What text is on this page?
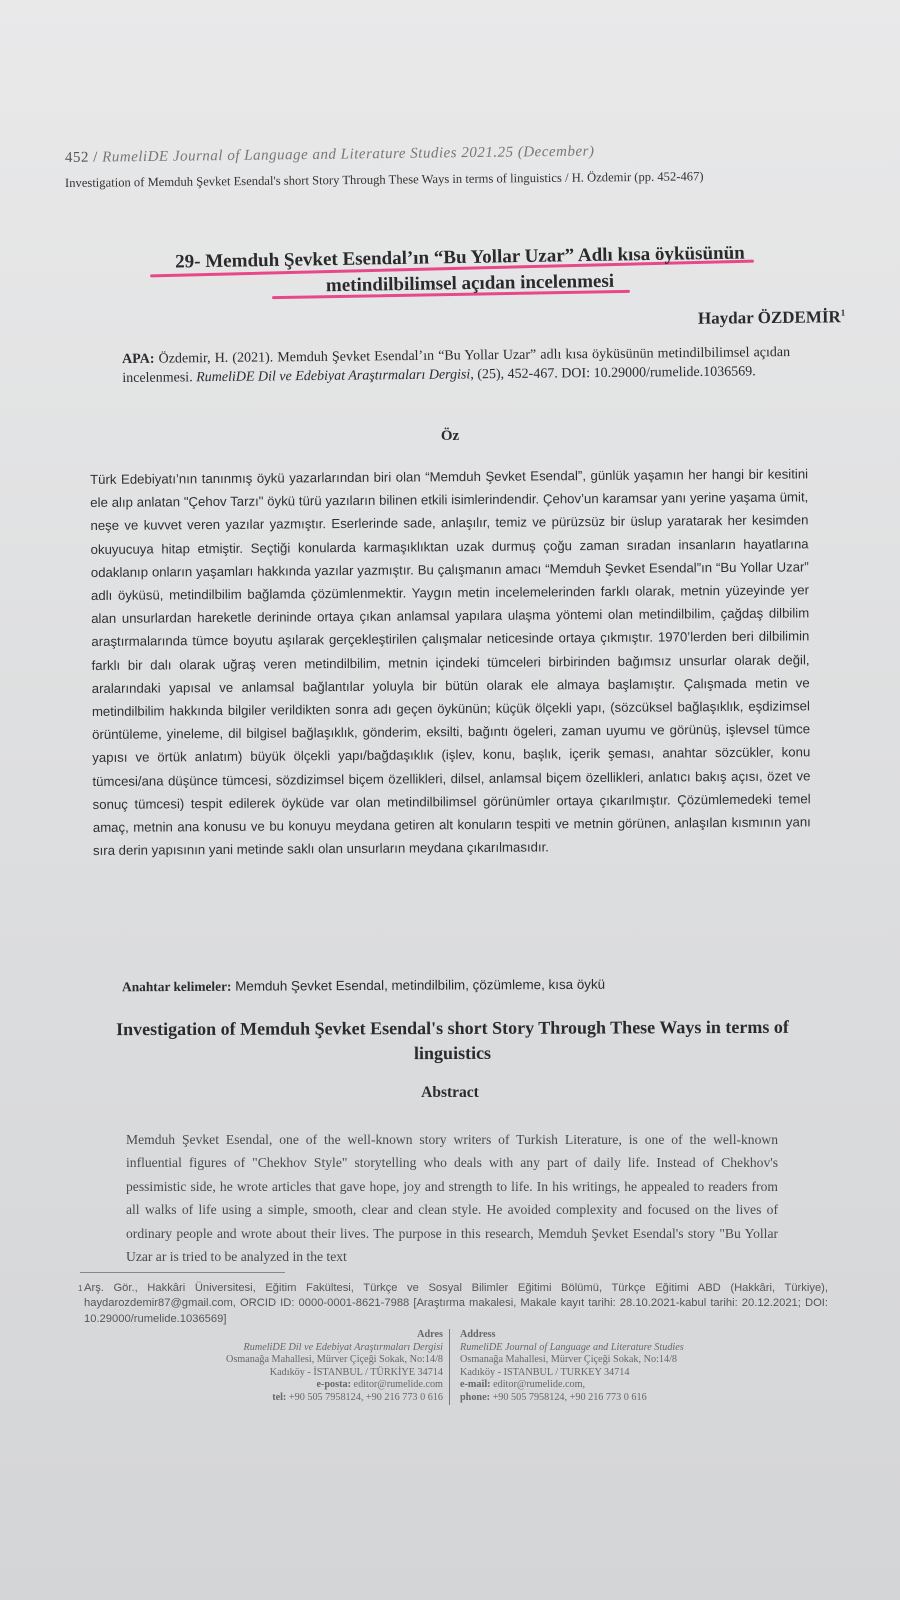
452 / RumeliDE Journal of Language and Literature Studies 2021.25 (December)
Investigation of Memduh Şevket Esendal's short Story Through These Ways in terms of linguistics / H. Özdemir (pp. 452-467)
29- Memduh Şevket Esendal’ın “Bu Yollar Uzar” Adlı kısa öyküsünün
metindilbilimsel açıdan incelenmesi
Haydar ÖZDEMİR$^1$
APA: Özdemir, H. (2021). Memduh Şevket Esendal’ın “Bu Yollar Uzar” adlı kısa öyküsünün metindilbilimsel açıdan incelenmesi. RumeliDE Dil ve Edebiyat Araştırmaları Dergisi, (25), 452-467. DOI: 10.29000/rumelide.1036569.
Öz
Türk Edebiyatı’nın tanınmış öykü yazarlarından biri olan “Memduh Şevket Esendal”, günlük yaşamın her hangi bir kesitini ele alıp anlatan "Çehov Tarzı" öykü türü yazıların bilinen etkili isimlerindendir. Çehov’un karamsar yanı yerine yaşama ümit, neşe ve kuvvet veren yazılar yazmıştır. Eserlerinde sade, anlaşılır, temiz ve pürüzsüz bir üslup yaratarak her kesimden okuyucuya hitap etmiştir. Seçtiği konularda karmaşıklıktan uzak durmuş çoğu zaman sıradan insanların hayatlarına odaklanıp onların yaşamları hakkında yazılar yazmıştır. Bu çalışmanın amacı “Memduh Şevket Esendal”ın “Bu Yollar Uzar” adlı öyküsü, metindilbilim bağlamda çözümlenmektir. Yaygın metin incelemelerinden farklı olarak, metnin yüzeyinde yer alan unsurlardan hareketle derininde ortaya çıkan anlamsal yapılara ulaşma yöntemi olan metindilbilim, çağdaş dilbilim araştırmalarında tümce boyutu aşılarak gerçekleştirilen çalışmalar neticesinde ortaya çıkmıştır. 1970’lerden beri dilbilimin farklı bir dalı olarak uğraş veren metindilbilim, metnin içindeki tümceleri birbirinden bağımsız unsurlar olarak değil, aralarındaki yapısal ve anlamsal bağlantılar yoluyla bir bütün olarak ele almaya başlamıştır. Çalışmada metin ve metindilbilim hakkında bilgiler verildikten sonra adı geçen öykünün; küçük ölçekli yapı, (sözcüksel bağlaşıklık, eşdizimsel örüntüleme, yineleme, dil bilgisel bağlaşıklık, gönderim, eksilti, bağıntı ögeleri, zaman uyumu ve görünüş, işlevsel tümce yapısı ve örtük anlatım) büyük ölçekli yapı/bağdaşıklık (işlev, konu, başlık, içerik şeması, anahtar sözcükler, konu tümcesi/ana düşünce tümcesi, sözdizimsel biçem özellikleri, dilsel, anlamsal biçem özellikleri, anlatıcı bakış açısı, özet ve sonuç tümcesi) tespit edilerek öyküde var olan metindilbilimsel görünümler ortaya çıkarılmıştır. Çözümlemedeki temel amaç, metnin ana konusu ve bu konuyu meydana getiren alt konuların tespiti ve metnin görünen, anlaşılan kısmının yanı sıra derin yapısının yani metinde saklı olan unsurların meydana çıkarılmasıdır.
Anahtar kelimeler: Memduh Şevket Esendal, metindilbilim, çözümleme, kısa öykü
Investigation of Memduh Şevket Esendal's short Story Through These Ways in terms of linguistics
Abstract
Memduh Şevket Esendal, one of the well-known story writers of Turkish Literature, is one of the well-known influential figures of "Chekhov Style" storytelling who deals with any part of daily life. Instead of Chekhov's pessimistic side, he wrote articles that gave hope, joy and strength to life. In his writings, he appealed to readers from all walks of life using a simple, smooth, clear and clean style. He avoided complexity and focused on the lives of ordinary people and wrote about their lives. The purpose in this research, Memduh Şevket Esendal's story "Bu Yollar Uzar ar is tried to be analyzed in the text
1 Arş. Gör., Hakkâri Üniversitesi, Eğitim Fakültesi, Türkçe ve Sosyal Bilimler Eğitimi Bölümü, Türkçe Eğitimi ABD (Hakkâri, Türkiye), haydarozdemir87@gmail.com, ORCID ID: 0000-0001-8621-7988 [Araştırma makalesi, Makale kayıt tarihi: 28.10.2021-kabul tarihi: 20.12.2021; DOI: 10.29000/rumelide.1036569]
Adres
RumeliDE Dil ve Edebiyat Araştırmaları Dergisi
Osmanağa Mahallesi, Mürver Çiçeği Sokak, No:14/8
Kadıköy - İSTANBUL / TÜRKİYE 34714
e-posta: editor@rumelide.com
tel: +90 505 7958124, +90 216 773 0 616
Address
RumeliDE Journal of Language and Literature Studies
Osmanağa Mahallesi, Mürver Çiçeği Sokak, No:14/8
Kadıköy - ISTANBUL / TURKEY 34714
e-mail: editor@rumelide.com,
phone: +90 505 7958124, +90 216 773 0 616
